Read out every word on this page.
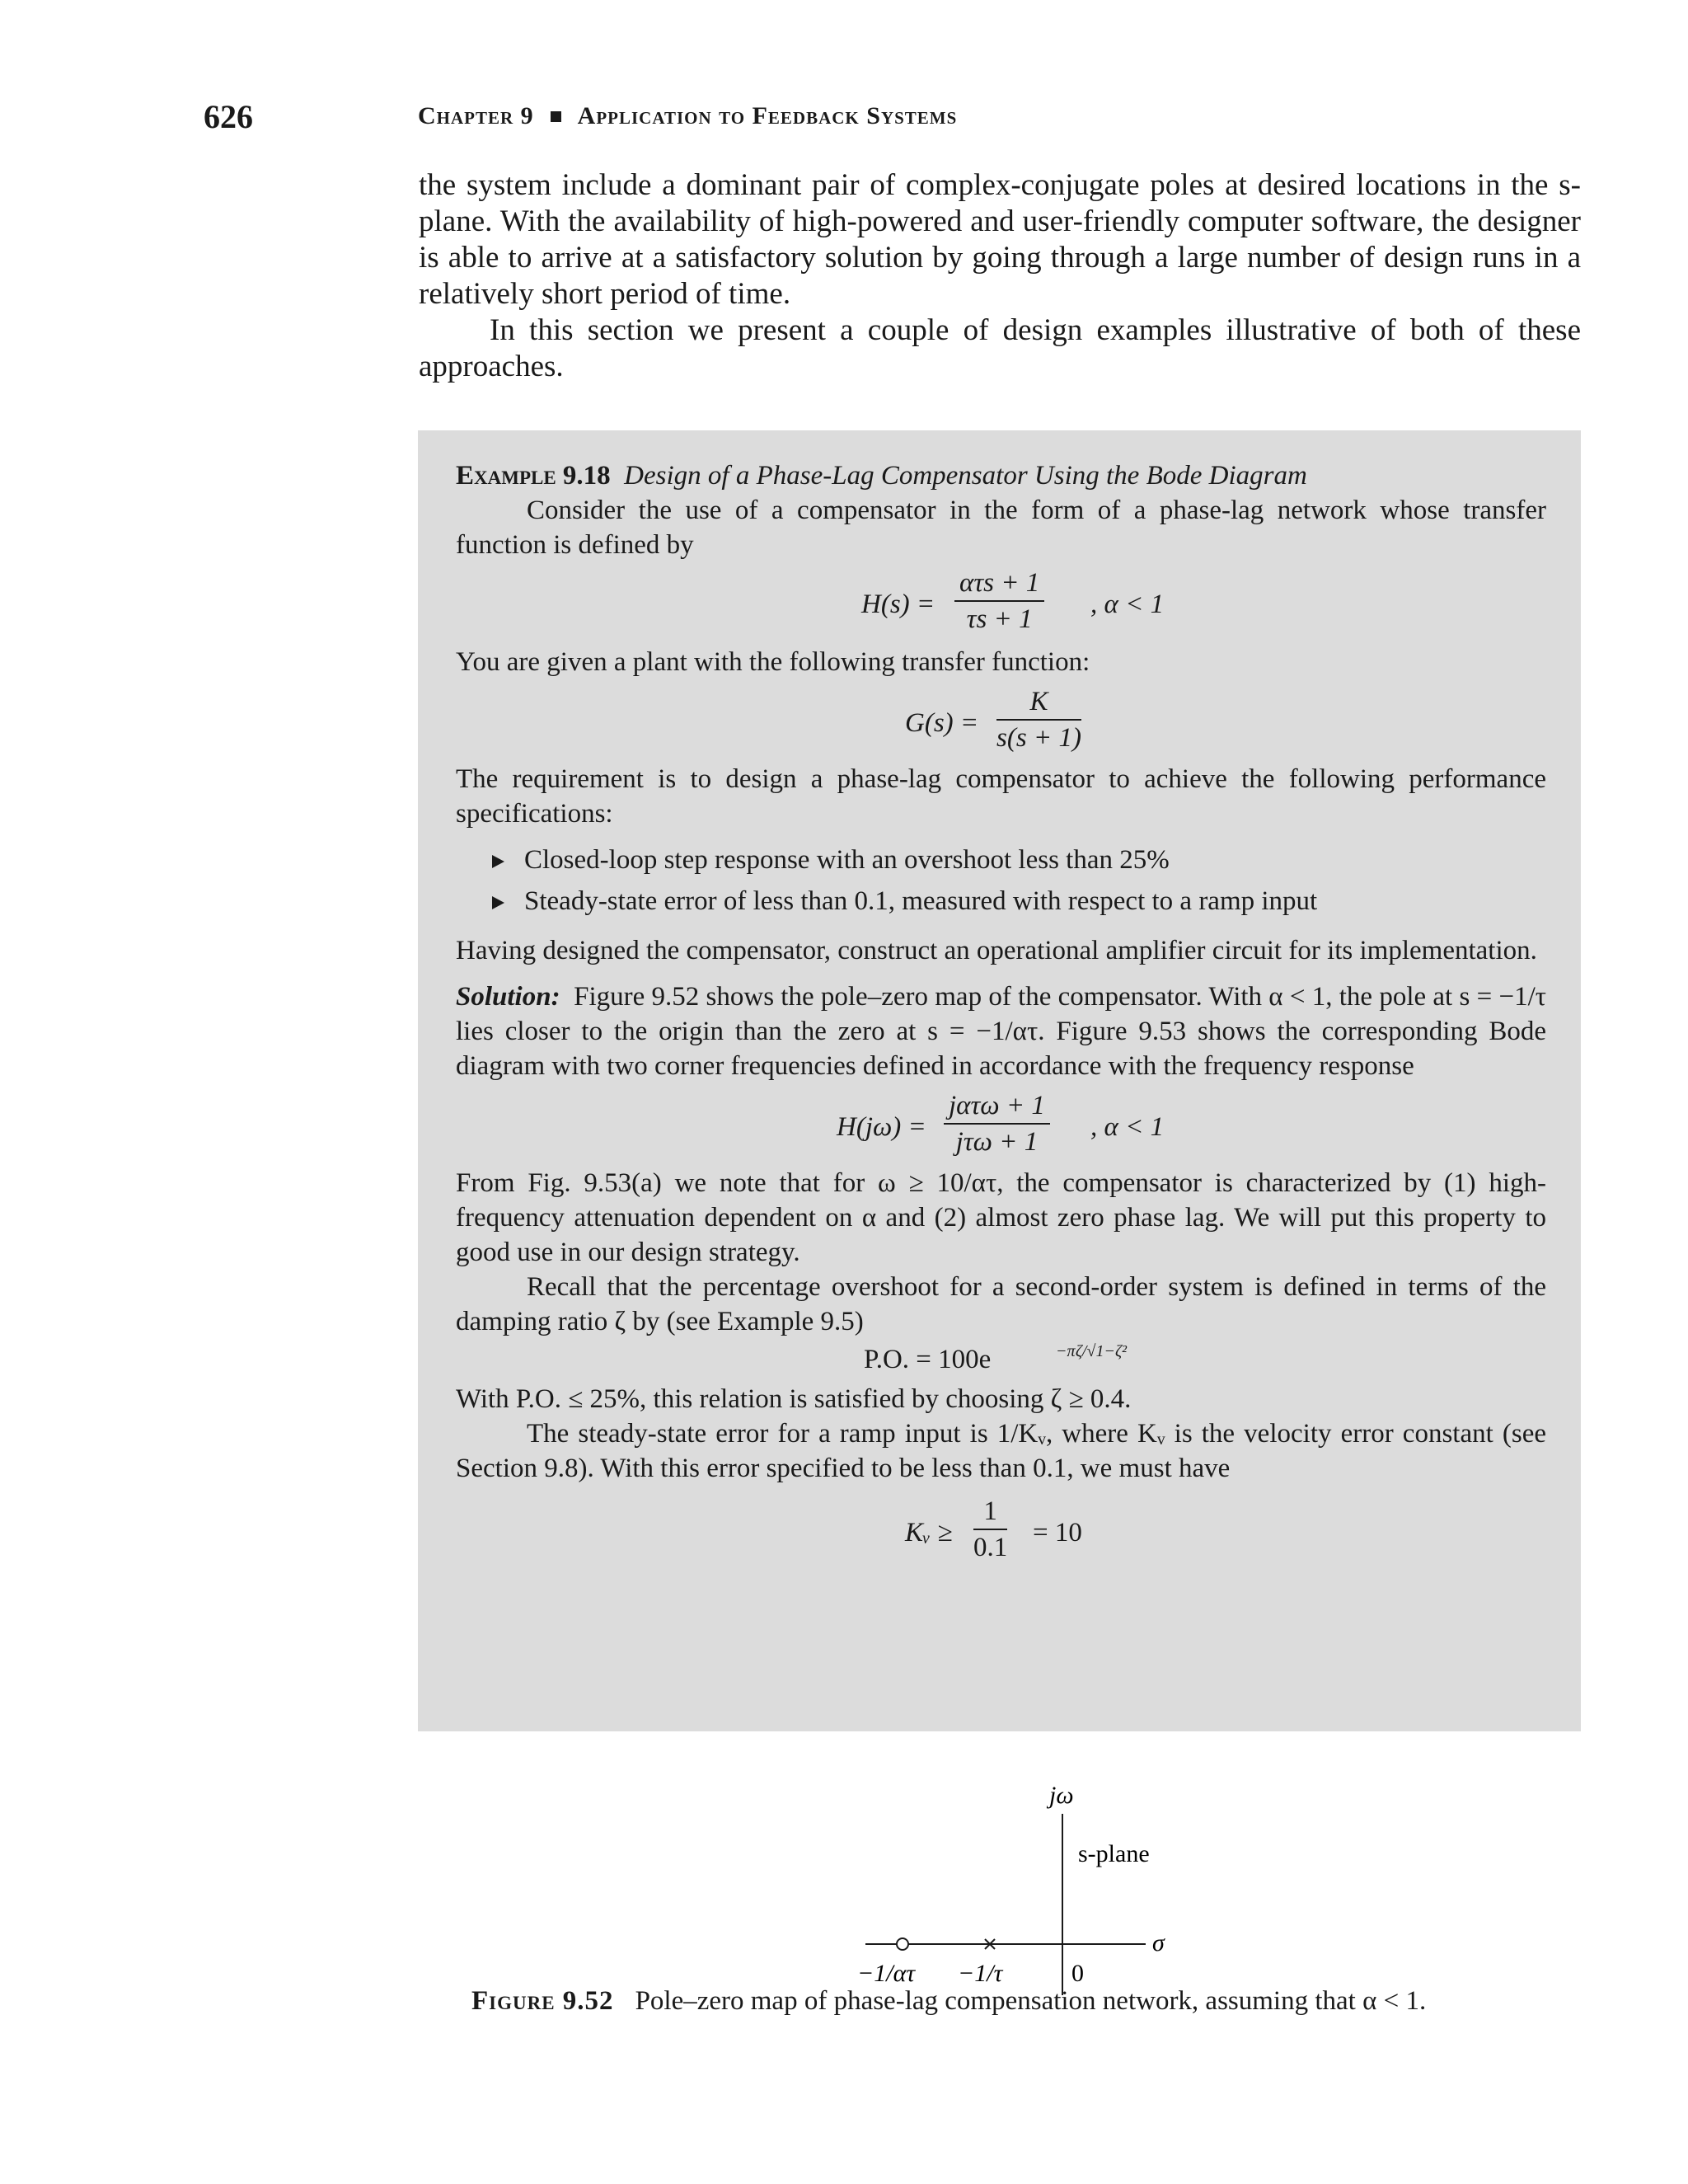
626	Chapter 9 Application to Feedback Systems

the system include a dominant pair of complex-conjugate poles at desired locations in the s-plane. With the availability of high-powered and user-friendly computer software, the designer is able to arrive at a satisfactory solution by going through a large number of design runs in a relatively short period of time.

In this section we present a couple of design examples illustrative of both of these approaches.

Example 9.18 Design of a Phase-Lag Compensator Using the Bode Diagram

Consider the use of a compensator in the form of a phase-lag network whose transfer function is defined by

H(s) =
ατs + 1
τs + 1	, α < 1

You are given a plant with the following transfer function:

$G(s) = \frac{K}{s(s + 1)}$

The requirement is to design a phase-lag compensator to achieve the following performance specifications:

Closed-loop step response with an overshoot less than 25%

Steady-state error of less than 0.1, measured with respect to a ramp input

Having designed the compensator, construct an operational amplifier circuit for its implementation.

Solution: Figure 9.52 shows the pole–zero map of the compensator. With α < 1, the pole at s = −1/τ lies closer to the origin than the zero at s = −1/ατ. Figure 9.53 shows the corresponding Bode diagram with two corner frequencies defined in accordance with the frequency response

H(jω) =
jατω + 1
jτω + 1	, α < 1

From Fig. 9.53(a) we note that for ω ≥ 10/ατ, the compensator is characterized by (1) high-frequency attenuation dependent on α and (2) almost zero phase lag. We will put this property to good use in our design strategy.

Recall that the percentage overshoot for a second-order system is defined in terms of the damping ratio ζ by (see Example 9.5)

P.O. = 100e	−πζ/√1−ζ²

With P.O. ≤ 25%, this relation is satisfied by choosing ζ ≥ 0.4.

The steady-state error for a ramp input is 1/Kᵥ, where Kᵥ is the velocity error constant (see Section 9.8). With this error specified to be less than 0.1, we must have

Kᵥ ≥ $\frac{1}{0.1} = 10$
jω
s-plane
σ
−1/ατ −1/τ	0
Figure 9.52 Pole–zero map of phase-lag compensation network, assuming that α < 1.
